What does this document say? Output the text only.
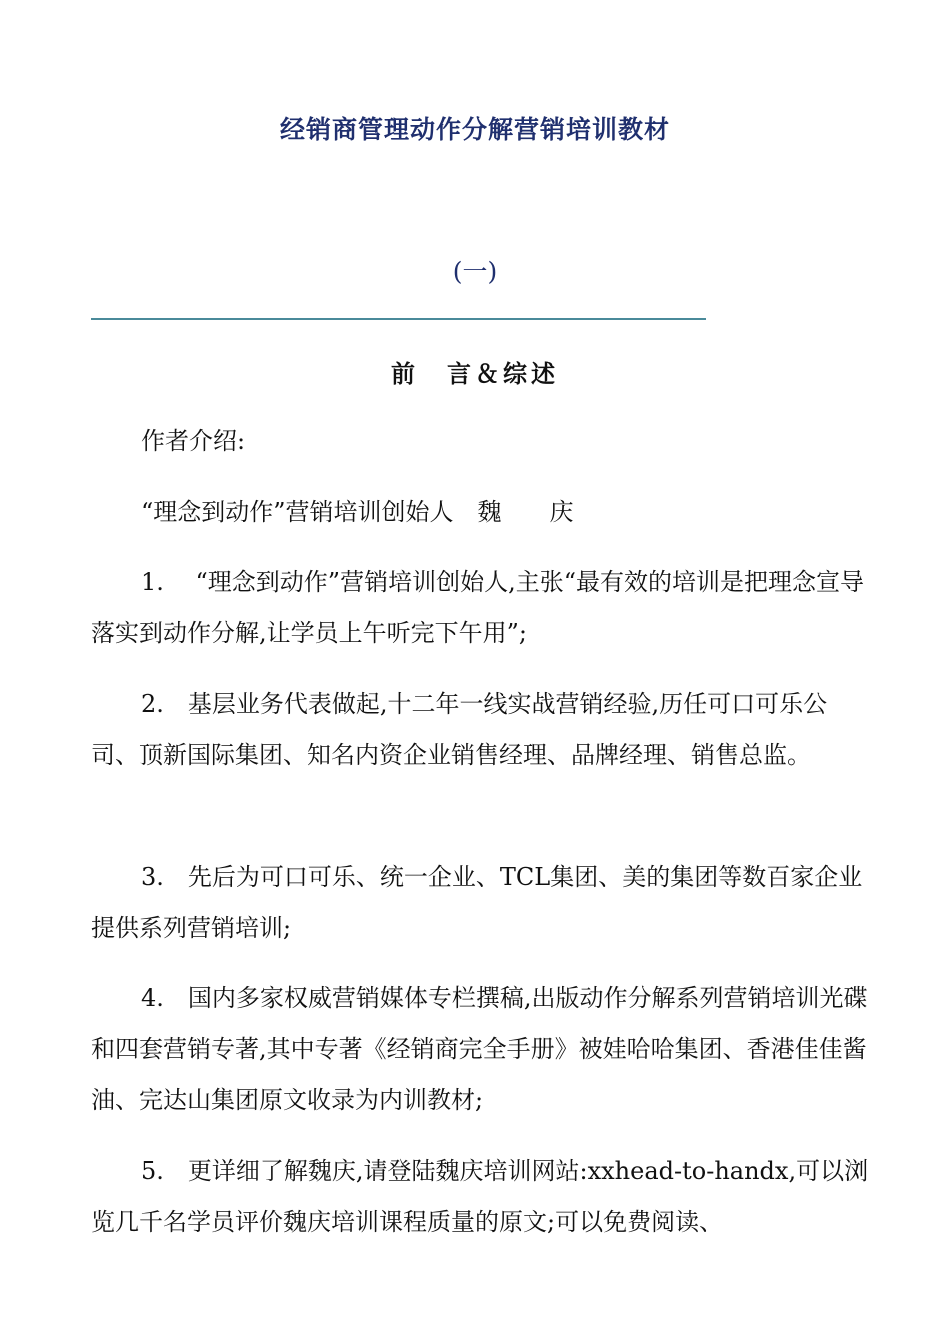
经销商管理动作分解营销培训教材
(一)
前　言＆综述
作者介绍:
“理念到动作”营销培训创始人　魏　　庆
1.　 “理念到动作”营销培训创始人,主张“最有效的培训是把理念宣导落实到动作分解,让学员上午听完下午用”;
2.　基层业务代表做起,十二年一线实战营销经验,历任可口可乐公司、顶新国际集团、知名内资企业销售经理、品牌经理、销售总监。
3.　先后为可口可乐、统一企业、TCL集团、美的集团等数百家企业提供系列营销培训;
4.　国内多家权威营销媒体专栏撰稿,出版动作分解系列营销培训光碟和四套营销专著,其中专著《经销商完全手册》被娃哈哈集团、香港佳佳酱油、完达山集团原文收录为内训教材;
5.　更详细了解魏庆,请登陆魏庆培训网站:xxhead-to-handx,可以浏览几千名学员评价魏庆培训课程质量的原文;可以免费阅读、
